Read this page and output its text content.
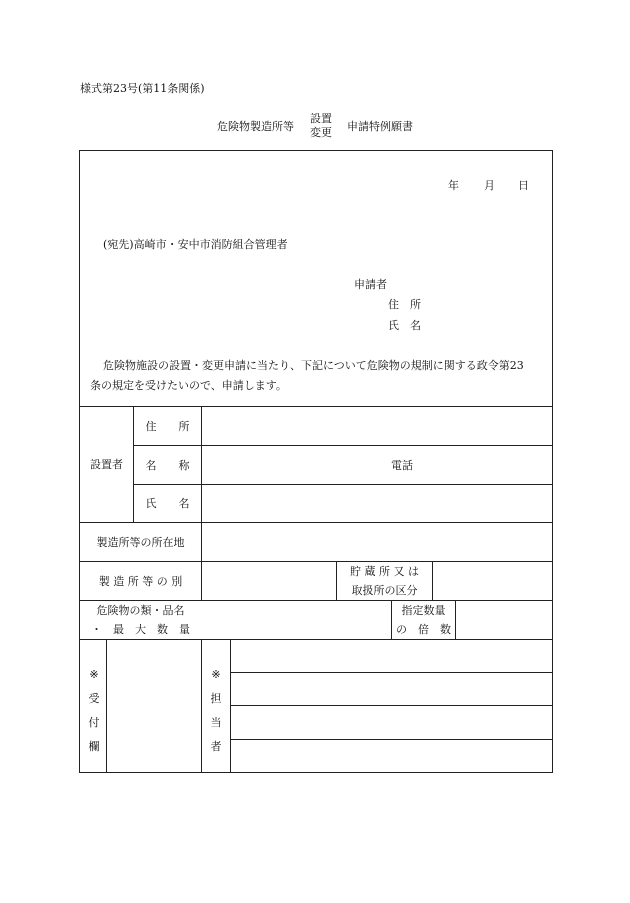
様式第23号(第11条関係)
危険物製造所等
設置
変更 申請特例願書
年 月 日
(宛先)高崎市・安中市消防組合管理者
申請者
住　所
氏　名
危険物施設の設置・変更申請に当たり、下記について危険物の規制に関する政令第23
条の規定を受けたいので、申請します。
設置者
住　　所
名　　称	電話
氏　　名
製造所等の所在地
製 造 所 等 の 別
貯 蔵 所 又 は
取扱所の区分
危険物の類・品名
・　最　大　数　量
指定数量
の　倍　数
※
受
付
欄
※
担
当
者
